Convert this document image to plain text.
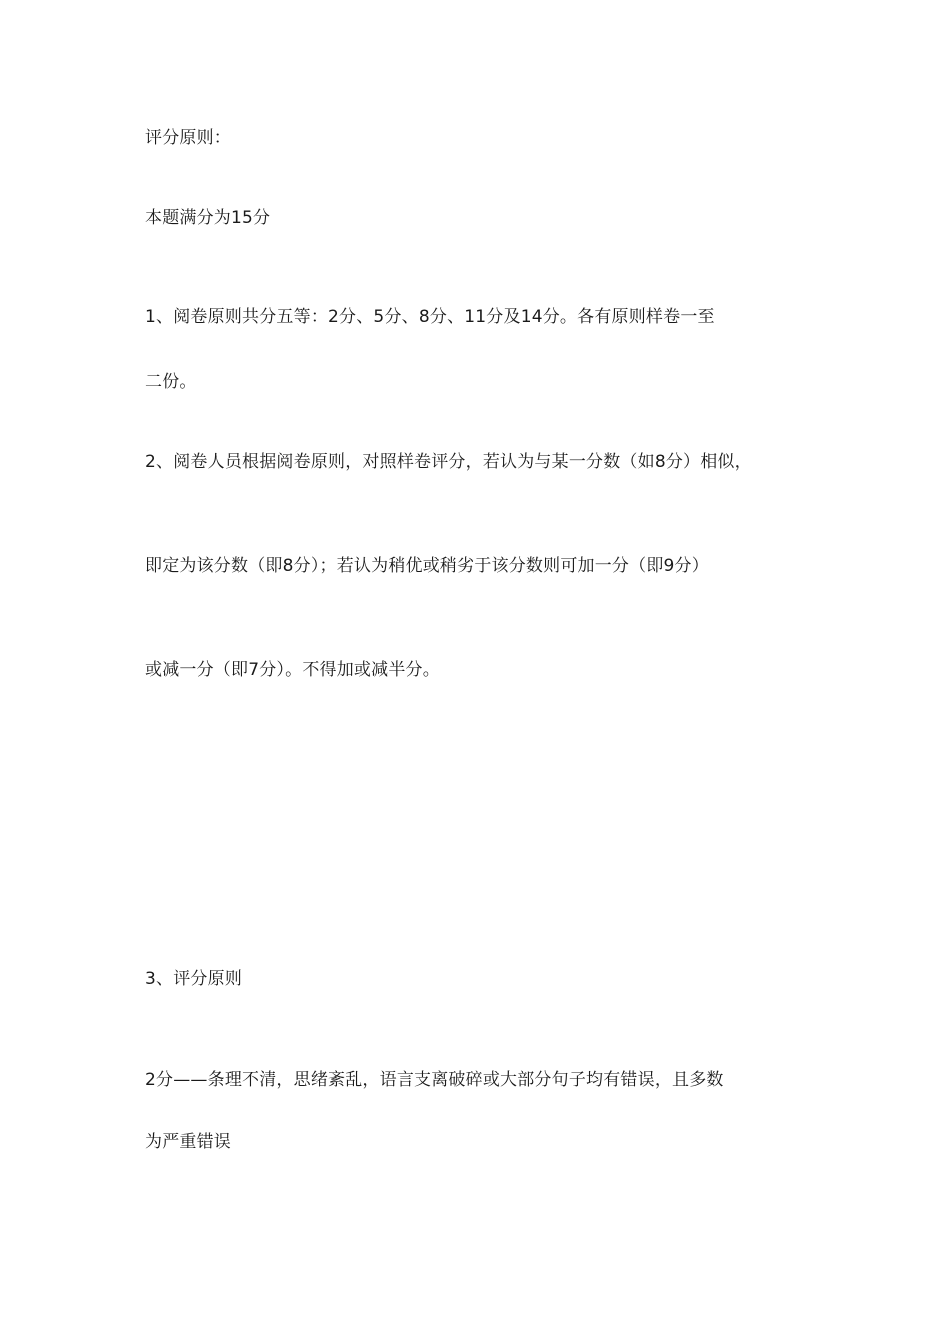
评分原则：
本题满分为15分
1、阅卷原则共分五等：2分、5分、8分、11分及14分。各有原则样卷一至
二份。
2、阅卷人员根据阅卷原则，对照样卷评分，若认为与某一分数（如8分）相似，
即定为该分数（即8分）；若认为稍优或稍劣于该分数则可加一分（即9分）
或减一分（即7分）。不得加或减半分。
3、评分原则
2分——条理不清，思绪紊乱，语言支离破碎或大部分句子均有错误，且多数
为严重错误
